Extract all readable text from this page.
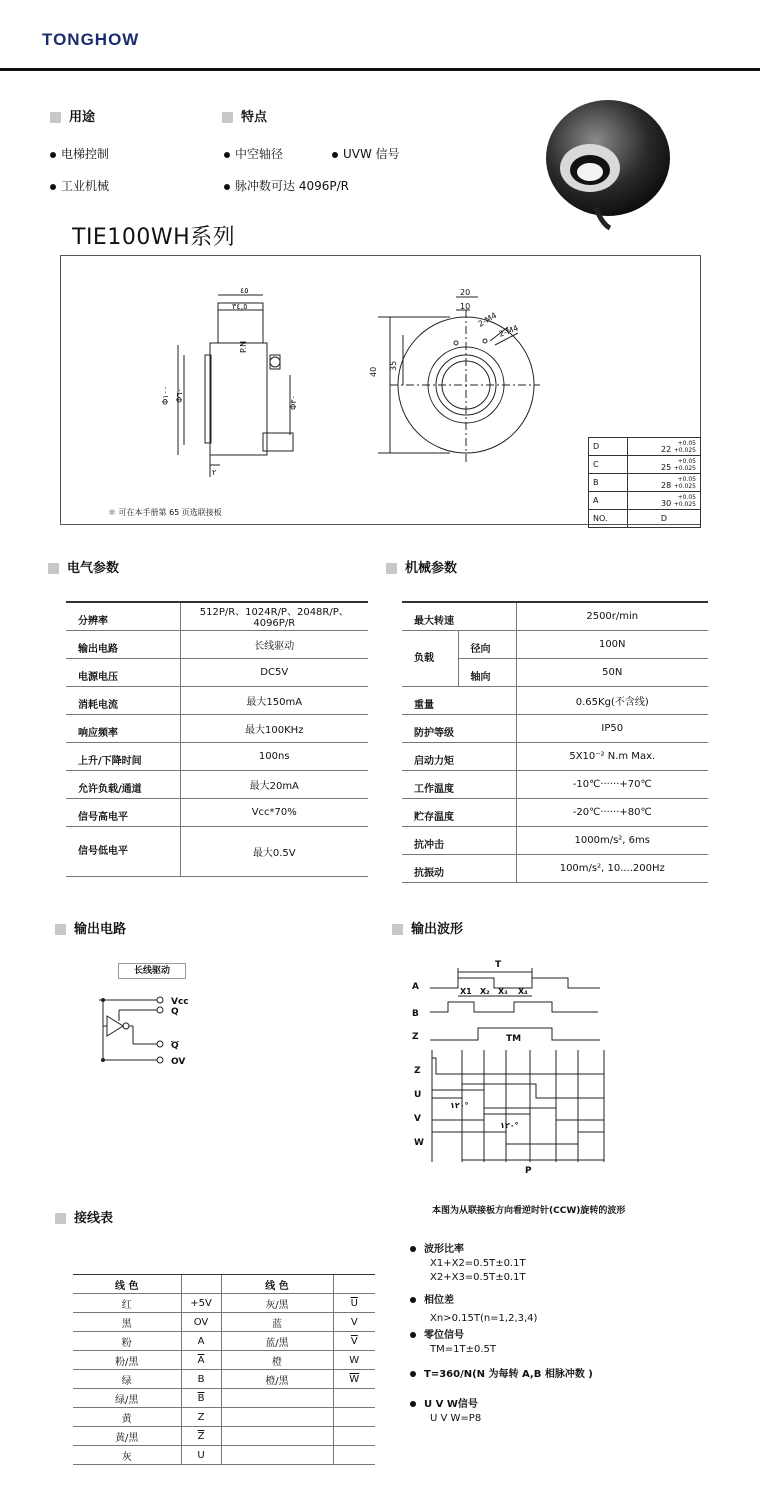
TONGHOW
用途	特点
电梯控制
工业机械
中空轴径	UVW 信号
脉冲数可达 4096P/R
TIE100WH系列
٤٥
٣٤,٥
Φ١٠٠ Φ٦٠	Φ٣٠
٢
P.N
20
10
2-M4
2-M4
40
35
＊ 可在本手册第 65 页选联接板
D	22 +0.05
+0.025
C	25 +0.05
+0.025
B	28 +0.05
+0.025
A	30 +0.05
+0.025
NO.	D
电气参数	机械参数
分辨率	512P/R、1024R/P、2048R/P、4096P/R
输出电路	长线驱动
电源电压	DC5V
消耗电流	最大150mA
响应频率	最大100KHz
上升/下降时间	100ns
允许负载/通道	最大20mA
信号高电平	Vcc*70%
信号低电平	最大0.5V
最大转速		2500r/min
负载	径向	100N
	轴向	50N
重量		0.65Kg(不含线)
防护等级		IP50
启动力矩		5X10⁻² N.m Max.
工作温度		-10℃······+70℃
贮存温度		-20℃······+80℃
抗冲击		1000m/s², 6ms
抗振动		100m/s², 10....200Hz
输出电路	输出波形
长线驱动
Vcc
Q
Q
OV
A
B
Z
Z
U
V
W
T
TM
P
X1 X₂ X₃ X₄
١٢٠°
١٢٠°
本图为从联接板方向看逆时针(CCW)旋转的波形
接线表
线 色		线 色	
红	+5V	灰/黑	$\overline{U}$
黑	OV	蓝	V
粉	A	蓝/黑	$\overline{V}$
粉/黑	$\overline{A}$	橙	W
绿	B	橙/黑	$\overline{W}$
绿/黑	$\overline{B}$		
黄	Z		
黄/黑	$\overline{Z}$		
灰	U		
波形比率
X1+X2=0.5T±0.1T
X2+X3=0.5T±0.1T
相位差
Xn>0.15T(n=1,2,3,4)
零位信号
TM=1T±0.5T
T=360/N(N 为每转 A,B 相脉冲数 )
U V W信号
U V W=P8
